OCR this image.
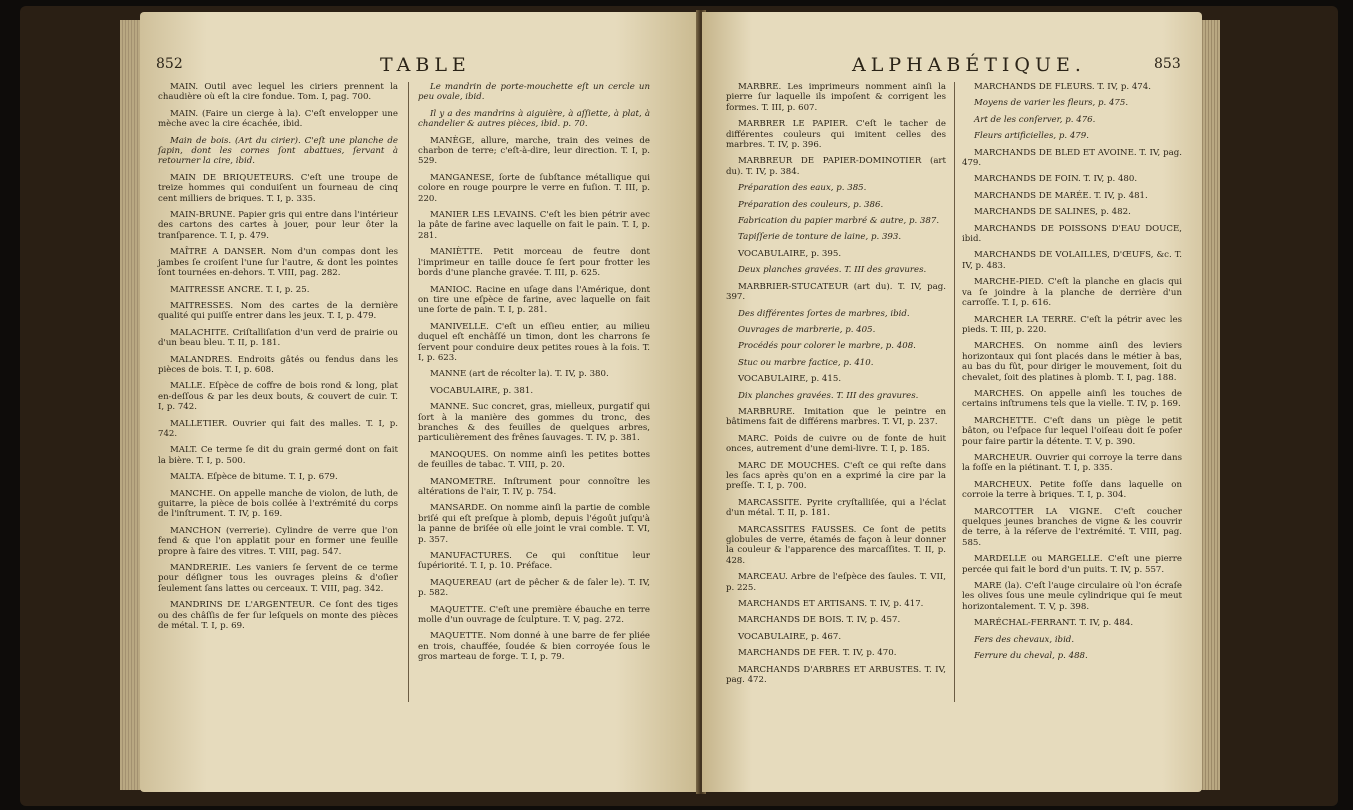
852	TABLE

MAIN. Outil avec lequel les ciriers prennent la chaudière où eſt la cire fondue. Tom. I, pag. 700.

MAIN. (Faire un cierge à la). C'eſt envelopper une mèche avec la cire écachée, ibid.

Main de bois. (Art du cirier). C'eſt une planche de ſapin, dont les cornes ſont abattues, ſervant à retourner la cire, ibid.

MAIN DE BRIQUETEURS. C'eſt une troupe de treize hommes qui conduiſent un fourneau de cinq cent milliers de briques. T. I, p. 335.

MAIN-BRUNE. Papier gris qui entre dans l'intérieur des cartons des cartes à jouer, pour leur ôter la tranſparence. T. I, p. 479.

MAÎTRE A DANSER. Nom d'un compas dont les jambes ſe croiſent l'une ſur l'autre, & dont les pointes ſont tournées en-dehors. T. VIII, pag. 282.

MAITRESSE ANCRE. T. I, p. 25.

MAITRESSES. Nom des cartes de la dernière qualité qui puiſſe entrer dans les jeux. T. I, p. 479.

MALACHITE. Criſtalliſation d'un verd de prairie ou d'un beau bleu. T. II, p. 181.

MALANDRES. Endroits gâtés ou fendus dans les pièces de bois. T. I, p. 608.

MALLE. Eſpèce de coffre de bois rond & long, plat en-deſſous & par les deux bouts, & couvert de cuir. T. I, p. 742.

MALLETIER. Ouvrier qui fait des malles. T. I, p. 742.

MALT. Ce terme ſe dit du grain germé dont on fait la bière. T. I, p. 500.

MALTA. Eſpèce de bitume. T. I, p. 679.

MANCHE. On appelle manche de violon, de luth, de guitarre, la pièce de bois collée à l'extrémité du corps de l'inſtrument. T. IV, p. 169.

MANCHON (verrerie). Cylindre de verre que l'on fend & que l'on applatit pour en former une feuille propre à faire des vitres. T. VIII, pag. 547.

MANDRERIE. Les vaniers ſe ſervent de ce terme pour déſigner tous les ouvrages pleins & d'oſier ſeulement ſans lattes ou cerceaux. T. VIII, pag. 342.

MANDRINS DE L'ARGENTEUR. Ce ſont des tiges ou des châſſis de fer ſur leſquels on monte des pièces de métal. T. I, p. 69.

Le mandrin de porte-mouchette eſt un cercle un peu ovale, ibid.

Il y a des mandrins à aiguière, à aſſiette, à plat, à chandelier & autres pièces, ibid. p. 70.

MANÈGE, allure, marche, train des veines de charbon de terre; c'eſt-à-dire, leur direction. T. I, p. 529.

MANGANESE, ſorte de ſubſtance métallique qui colore en rouge pourpre le verre en fuſion. T. III, p. 220.

MANIER LES LEVAINS. C'eſt les bien pétrir avec la pâte de farine avec laquelle on fait le pain. T. I, p. 281.

MANIÈTTE. Petit morceau de feutre dont l'imprimeur en taille douce ſe ſert pour frotter les bords d'une planche gravée. T. III, p. 625.

MANIOC. Racine en uſage dans l'Amérique, dont on tire une eſpèce de farine, avec laquelle on fait une ſorte de pain. T. I, p. 281.

MANIVELLE. C'eſt un eſſieu entier, au milieu duquel eſt enchâſſé un timon, dont les charrons ſe ſervent pour conduire deux petites roues à la fois. T. I, p. 623.

MANNE (art de récolter la). T. IV, p. 380.

VOCABULAIRE, p. 381.

MANNE. Suc concret, gras, mielleux, purgatif qui ſort à la manière des gommes du tronc, des branches & des feuilles de quelques arbres, particulièrement des frênes ſauvages. T. IV, p. 381.

MANOQUES. On nomme ainſi les petites bottes de feuilles de tabac. T. VIII, p. 20.

MANOMETRE. Inſtrument pour connoître les altérations de l'air, T. IV, p. 754.

MANSARDE. On nomme ainſi la partie de comble briſé qui eſt preſque à plomb, depuis l'égoût juſqu'à la panne de briſée où elle joint le vrai comble. T. VI, p. 357.

MANUFACTURES. Ce qui conſtitue leur ſupériorité. T. I, p. 10. Préface.

MAQUEREAU (art de pêcher & de ſaler le). T. IV, p. 582.

MAQUETTE. C'eſt une première ébauche en terre molle d'un ouvrage de ſculpture. T. V, pag. 272.

MAQUETTE. Nom donné à une barre de fer pliée en trois, chauffée, ſoudée & bien corroyée ſous le gros marteau de forge. T. I, p. 79.

ALPHABÉTIQUE.	853

MARBRE. Les imprimeurs nomment ainſi la pierre ſur laquelle ils impoſent & corrigent les formes. T. III, p. 607.

MARBRER LE PAPIER. C'eſt le tacher de différentes couleurs qui imitent celles des marbres. T. IV, p. 396.

MARBREUR DE PAPIER-DOMINOTIER (art du). T. IV, p. 384.

Préparation des eaux, p. 385.

Préparation des couleurs, p. 386.

Fabrication du papier marbré & autre, p. 387.

Tapiſſerie de tonture de laine, p. 393.

VOCABULAIRE, p. 395.

Deux planches gravées. T. III des gravures.

MARBRIER-STUCATEUR (art du). T. IV, pag. 397.

Des différentes ſortes de marbres, ibid.

Ouvrages de marbrerie, p. 405.

Procédés pour colorer le marbre, p. 408.

Stuc ou marbre factice, p. 410.

VOCABULAIRE, p. 415.

Dix planches gravées. T. III des gravures.

MARBRURE. Imitation que le peintre en bâtimens fait de différens marbres. T. VI, p. 237.

MARC. Poids de cuivre ou de fonte de huit onces, autrement d'une demi-livre. T. I, p. 185.

MARC DE MOUCHES. C'eſt ce qui reſte dans les ſacs après qu'on en a exprimé la cire par la preſſe. T. I, p. 700.

MARCASSITE. Pyrite cryſtalliſée, qui a l'éclat d'un métal. T. II, p. 181.

MARCASSITES FAUSSES. Ce ſont de petits globules de verre, étamés de façon à leur donner la couleur & l'apparence des marcaſſites. T. II, p. 428.

MARCEAU. Arbre de l'eſpèce des ſaules. T. VII, p. 225.

MARCHANDS ET ARTISANS. T. IV, p. 417.

MARCHANDS DE BOIS. T. IV, p. 457.

VOCABULAIRE, p. 467.

MARCHANDS DE FER. T. IV, p. 470.

MARCHANDS D'ARBRES ET ARBUSTES. T. IV, pag. 472.

MARCHANDS DE FLEURS. T. IV, p. 474.

Moyens de varier les fleurs, p. 475.

Art de les conſerver, p. 476.

Fleurs artificielles, p. 479.

MARCHANDS DE BLED ET AVOINE. T. IV, pag. 479.

MARCHANDS DE FOIN. T. IV, p. 480.

MARCHANDS DE MARÉE. T. IV, p. 481.

MARCHANDS DE SALINES, p. 482.

MARCHANDS DE POISSONS D'EAU DOUCE, ibid.

MARCHANDS DE VOLAILLES, D'ŒUFS, &c. T. IV, p. 483.

MARCHE-PIED. C'eſt la planche en glacis qui va ſe joindre à la planche de derrière d'un carroſſe. T. I, p. 616.

MARCHER LA TERRE. C'eſt la pétrir avec les pieds. T. III, p. 220.

MARCHES. On nomme ainſi des leviers horizontaux qui ſont placés dans le métier à bas, au bas du fût, pour diriger le mouvement, ſoit du chevalet, ſoit des platines à plomb. T. I, pag. 188.

MARCHES. On appelle ainſi les touches de certains inſtrumens tels que la vielle. T. IV, p. 169.

MARCHETTE. C'eſt dans un piège le petit bâton, ou l'eſpace ſur lequel l'oiſeau doit ſe poſer pour faire partir la détente. T. V, p. 390.

MARCHEUR. Ouvrier qui corroye la terre dans la foſſe en la piétinant. T. I, p. 335.

MARCHEUX. Petite foſſe dans laquelle on corroie la terre à briques. T. I, p. 304.

MARCOTTER LA VIGNE. C'eſt coucher quelques jeunes branches de vigne & les couvrir de terre, à la réſerve de l'extrémité. T. VIII, pag. 585.

MARDELLE ou MARGELLE. C'eſt une pierre percée qui fait le bord d'un puits. T. IV, p. 557.

MARE (la). C'eſt l'auge circulaire où l'on écraſe les olives ſous une meule cylindrique qui ſe meut horizontalement. T. V, p. 398.

MARÉCHAL-FERRANT. T. IV, p. 484.

Fers des chevaux, ibid.

Ferrure du cheval, p. 488.
